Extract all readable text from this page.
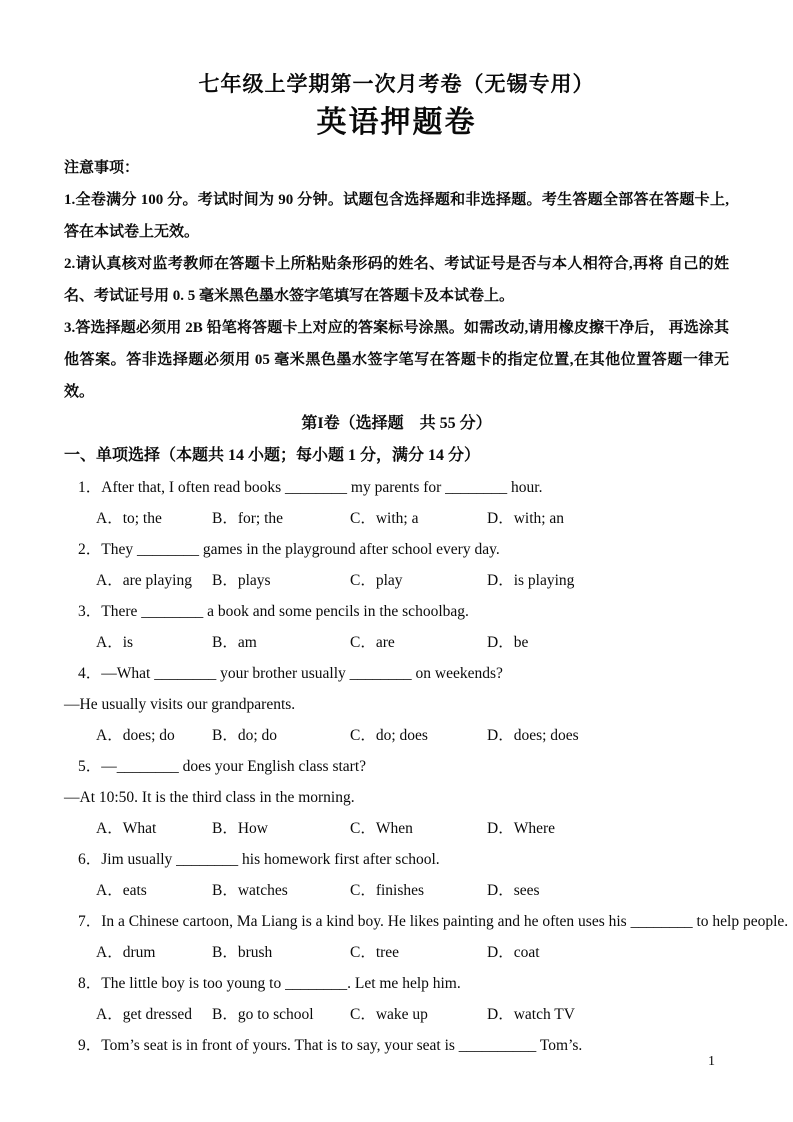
七年级上学期第一次月考卷（无锡专用）
英语押题卷
注意事项：
1.全卷满分 100 分。考试时间为 90 分钟。试题包含选择题和非选择题。考生答题全部答在答题卡上, 答在本试卷上无效。
2.请认真核对监考教师在答题卡上所粘贴条形码的姓名、考试证号是否与本人相符合,再将 自己的姓名、考试证号用 0. 5 毫米黑色墨水签字笔填写在答题卡及本试卷上。
3.答选择题必须用 2B 铅笔将答题卡上对应的答案标号涂黑。如需改动,请用橡皮擦干净后， 再选涂其他答案。答非选择题必须用 05 毫米黑色墨水签字笔写在答题卡的指定位置,在其他位置答题一律无效。
第I卷（选择题　共 55 分）
一、单项选择（本题共 14 小题；每小题 1 分，满分 14 分）
1．After that, I often read books ________ my parents for ________ hour.
A．to; the	B．for; the	C．with; a	D．with; an
2．They ________ games in the playground after school every day.
A．are playing B．plays	C．play	D．is playing
3．There ________ a book and some pencils in the schoolbag.
A．is	B．am	C．are	D．be
4．—What ________ your brother usually ________ on weekends?
—He usually visits our grandparents.
A．does; do B．do; do	C．do; does	D．does; does
5．—________ does your English class start?
—At 10:50. It is the third class in the morning.
A．What	B．How	C．When	D．Where
6．Jim usually ________ his homework first after school.
A．eats	B．watches	C．finishes	D．sees
7．In a Chinese cartoon, Ma Liang is a kind boy. He likes painting and he often uses his ________ to help people.
A．drum	B．brush	C．tree	D．coat
8．The little boy is too young to ________. Let me help him.
A．get dressed B．go to school C．wake up	D．watch TV
9．Tom’s seat is in front of yours. That is to say, your seat is __________ Tom’s.
1
